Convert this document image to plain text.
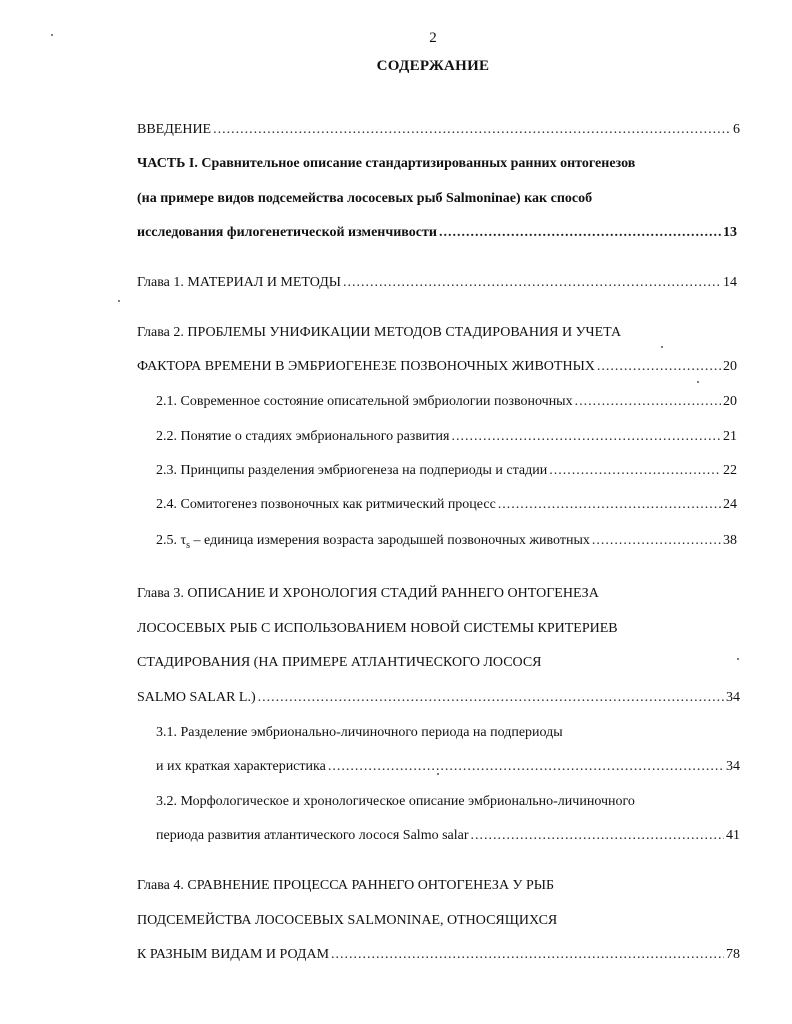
2
СОДЕРЖАНИЕ
ВВЕДЕНИЕ .....	6
ЧАСТЬ I. Сравнительное описание стандартизированных ранних онтогенезов
(на примере видов подсемейства лососевых рыб Salmoninae) как способ
исследования филогенетической изменчивости .....	13
Глава 1. МАТЕРИАЛ И МЕТОДЫ .....	14
Глава 2. ПРОБЛЕМЫ УНИФИКАЦИИ МЕТОДОВ СТАДИРОВАНИЯ И УЧЕТА
ФАКТОРА ВРЕМЕНИ В ЭМБРИОГЕНЕЗЕ ПОЗВОНОЧНЫХ ЖИВОТНЫХ .....	20
2.1. Современное состояние описательной эмбриологии позвоночных .....	20
2.2. Понятие о стадиях эмбрионального развития .....	21
2.3. Принципы разделения эмбриогенеза на подпериоды и стадии .....	22
2.4. Сомитогенез позвоночных как ритмический процесс .....	24
2.5. $\tau_s$ – единица измерения возраста зародышей позвоночных животных .....	38
Глава 3. ОПИСАНИЕ И ХРОНОЛОГИЯ СТАДИЙ РАННЕГО ОНТОГЕНЕЗА
ЛОСОСЕВЫХ РЫБ С ИСПОЛЬЗОВАНИЕМ НОВОЙ СИСТЕМЫ КРИТЕРИЕВ
СТАДИРОВАНИЯ (НА ПРИМЕРЕ АТЛАНТИЧЕСКОГО ЛОСОСЯ
SALMO SALAR L.) .....	34
3.1. Разделение эмбрионально-личиночного периода на подпериоды
и их краткая характеристика .....	34
3.2. Морфологическое и хронологическое описание эмбрионально-личиночного
периода развития атлантического лосося Salmo salar .....	41
Глава 4. СРАВНЕНИЕ ПРОЦЕССА РАННЕГО ОНТОГЕНЕЗА У РЫБ
ПОДСЕМЕЙСТВА ЛОСОСЕВЫХ SALMONINAE, ОТНОСЯЩИХСЯ
К РАЗНЫМ ВИДАМ И РОДАМ .....	78
